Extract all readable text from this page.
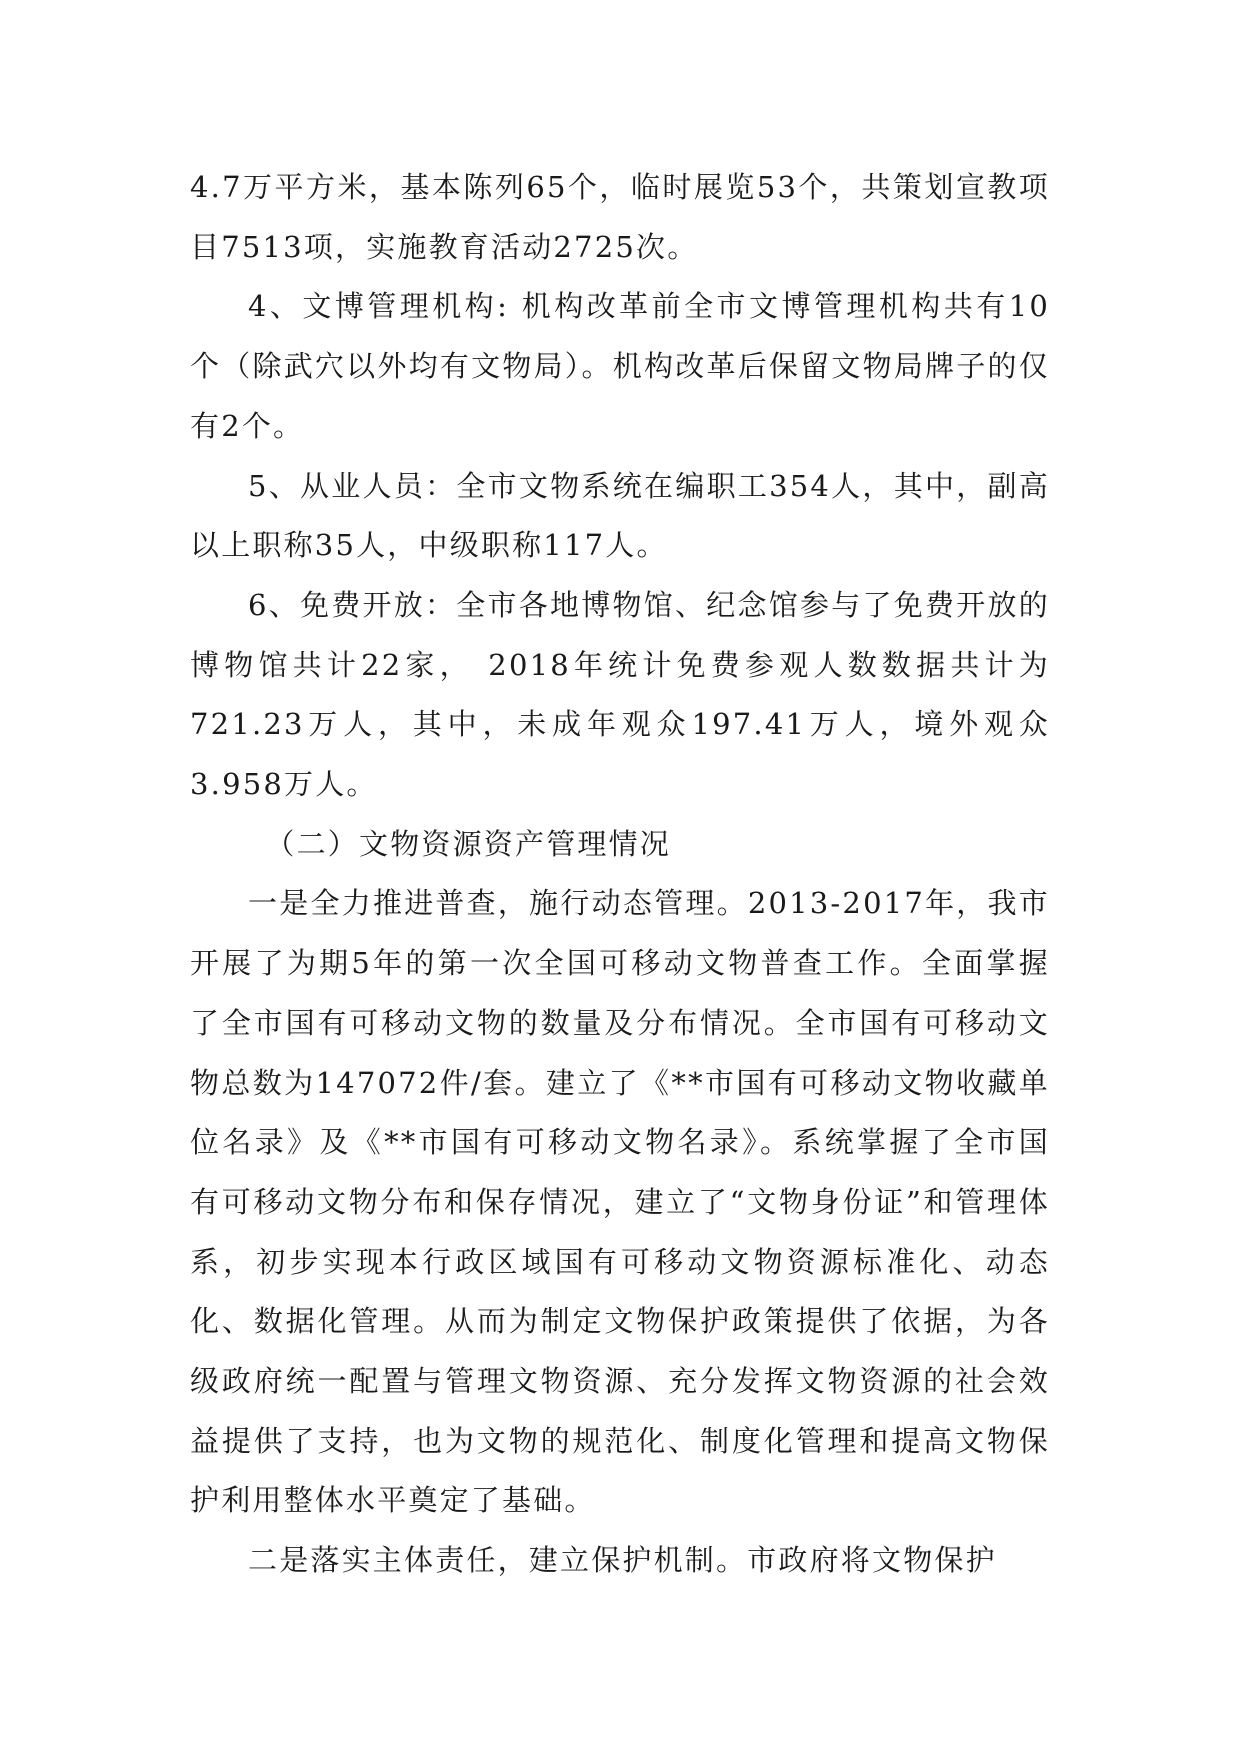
4.7万平方米，基本陈列65个，临时展览53个，共策划宣教项目7513项，实施教育活动2725次。

4、文博管理机构: 机构改革前全市文博管理机构共有10个（除武穴以外均有文物局）。机构改革后保留文物局牌子的仅有2个。

5、从业人员：全市文物系统在编职工354人，其中，副高以上职称35人，中级职称117人。

6、免费开放：全市各地博物馆、纪念馆参与了免费开放的博物馆共计22家， 2018年统计免费参观人数数据共计为721.23万人，其中，未成年观众197.41万人，境外观众3.958万人。

（二）文物资源资产管理情况

一是全力推进普查，施行动态管理。2013-2017年，我市开展了为期5年的第一次全国可移动文物普查工作。全面掌握了全市国有可移动文物的数量及分布情况。全市国有可移动文物总数为147072件/套。建立了《**市国有可移动文物收藏单位名录》及《**市国有可移动文物名录》。系统掌握了全市国有可移动文物分布和保存情况，建立了“文物身份证”和管理体系，初步实现本行政区域国有可移动文物资源标准化、动态化、数据化管理。从而为制定文物保护政策提供了依据，为各级政府统一配置与管理文物资源、充分发挥文物资源的社会效益提供了支持，也为文物的规范化、制度化管理和提高文物保护利用整体水平奠定了基础。

二是落实主体责任，建立保护机制。市政府将文物保护
